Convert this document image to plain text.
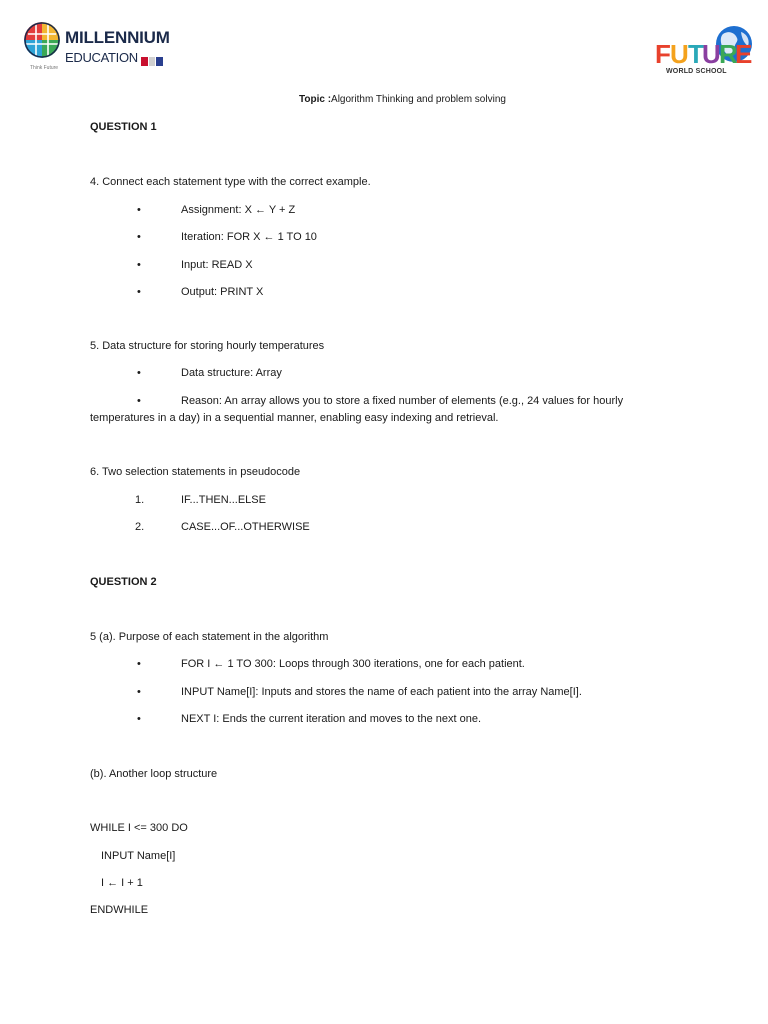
MILLENNIUM
EDUCATION
Think Future	F U T
U
R
E
WORLD SCHOOL
Topic :Algorithm Thinking and problem solving
QUESTION 1
4. Connect each statement type with the correct example.
•	Assignment: X ← Y + Z
•	Iteration: FOR X ← 1 TO 10
•	Input: READ X
•	Output: PRINT X
5. Data structure for storing hourly temperatures
•	Data structure: Array
•	Reason: An array allows you to store a fixed number of elements (e.g., 24 values for hourly
temperatures in a day) in a sequential manner, enabling easy indexing and retrieval.
6. Two selection statements in pseudocode
1.	IF...THEN...ELSE
2.	CASE...OF...OTHERWISE
QUESTION 2
5 (a). Purpose of each statement in the algorithm
•	FOR I ← 1 TO 300: Loops through 300 iterations, one for each patient.
•	INPUT Name[I]: Inputs and stores the name of each patient into the array Name[I].
•	NEXT I: Ends the current iteration and moves to the next one.
(b). Another loop structure
WHILE I <= 300 DO
INPUT Name[I]
I ← I + 1
ENDWHILE
